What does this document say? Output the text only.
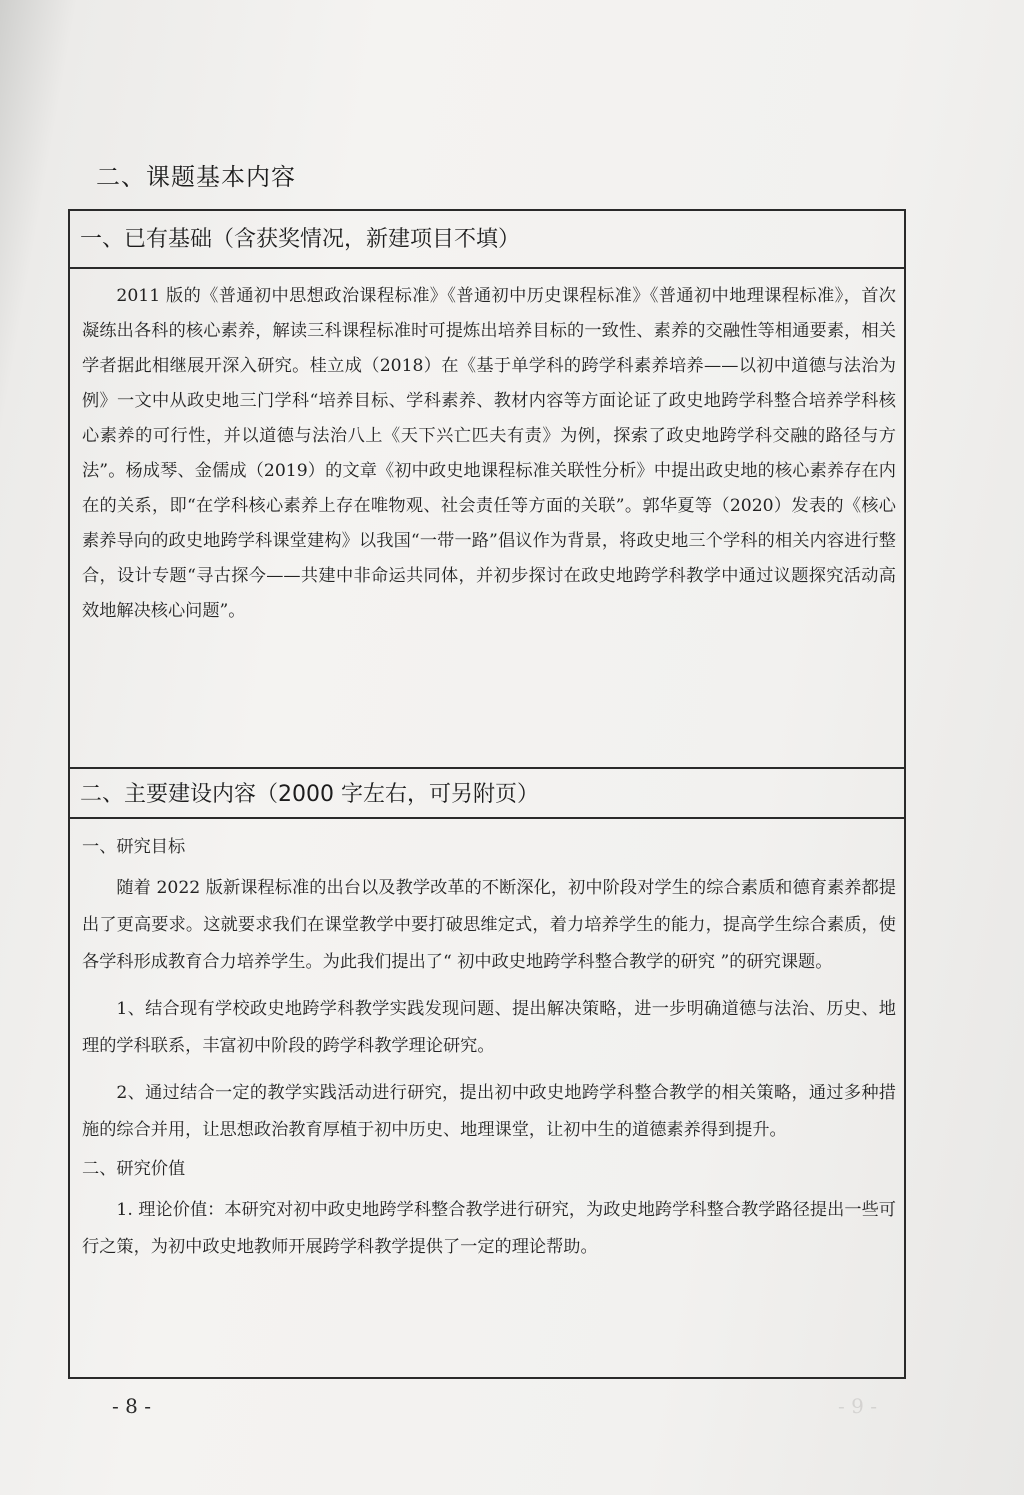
二、课题基本内容
一、已有基础（含获奖情况，新建项目不填）

2011 版的《普通初中思想政治课程标准》《普通初中历史课程标准》《普通初中地理课程标准》，首次凝练出各科的核心素养，解读三科课程标准时可提炼出培养目标的一致性、素养的交融性等相通要素，相关学者据此相继展开深入研究。桂立成（2018）在《基于单学科的跨学科素养培养——以初中道德与法治为例》一文中从政史地三门学科“培养目标、学科素养、教材内容等方面论证了政史地跨学科整合培养学科核心素养的可行性，并以道德与法治八上《天下兴亡匹夫有责》为例，探索了政史地跨学科交融的路径与方法”。杨成琴、金儒成（2019）的文章《初中政史地课程标准关联性分析》中提出政史地的核心素养存在内在的关系，即“在学科核心素养上存在唯物观、社会责任等方面的关联”。郭华夏等（2020）发表的《核心素养导向的政史地跨学科课堂建构》以我国“一带一路”倡议作为背景，将政史地三个学科的相关内容进行整合，设计专题“寻古探今——共建中非命运共同体，并初步探讨在政史地跨学科教学中通过议题探究活动高效地解决核心问题”。

二、主要建设内容（2000 字左右，可另附页）

一、研究目标

随着 2022 版新课程标准的出台以及教学改革的不断深化，初中阶段对学生的综合素质和德育素养都提出了更高要求。这就要求我们在课堂教学中要打破思维定式，着力培养学生的能力，提高学生综合素质，使各学科形成教育合力培养学生。为此我们提出了“ 初中政史地跨学科整合教学的研究 ”的研究课题。

1、结合现有学校政史地跨学科教学实践发现问题、提出解决策略，进一步明确道德与法治、历史、地理的学科联系，丰富初中阶段的跨学科教学理论研究。

2、通过结合一定的教学实践活动进行研究，提出初中政史地跨学科整合教学的相关策略，通过多种措施的综合并用，让思想政治教育厚植于初中历史、地理课堂，让初中生的道德素养得到提升。

二、研究价值

1. 理论价值：本研究对初中政史地跨学科整合教学进行研究，为政史地跨学科整合教学路径提出一些可行之策，为初中政史地教师开展跨学科教学提供了一定的理论帮助。

- 8 -	- 9 -
